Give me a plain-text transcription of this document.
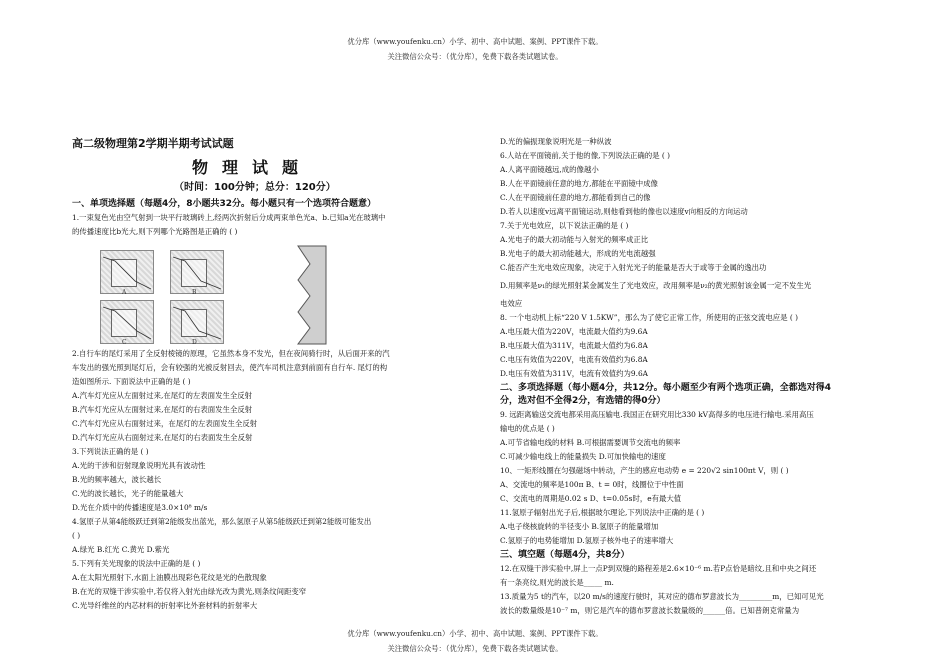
优分库（www.youfenku.cn）小学、初中、高中试题、案例、PPT课件下载。
关注微信公众号：（优分库），免费下载各类试题试卷。
高二级物理第2学期半期考试试题
物理试题
（时间：100分钟；总分：120分）
一、单项选择题（每题4分，8小题共32分。每小题只有一个选项符合题意）
1.一束复色光由空气射到一块平行玻璃砖上,经两次折射后分成两束单色光a、b.已知a光在玻璃中
的传播速度比b光大,则下列哪个光路图是正确的 ( )
A	B
C	D
2.自行车的尾灯采用了全反射棱镜的原理，它虽然本身不发光，但在夜间骑行时，从后面开来的汽
车发出的强光照到尾灯后，会有较强的光被反射回去，使汽车司机注意到前面有自行车. 尾灯的构
造如图所示. 下面说法中正确的是 ( )
A.汽车灯光应从左面射过来,在尾灯的左表面发生全反射
B.汽车灯光应从左面射过来,在尾灯的右表面发生全反射
C.汽车灯光应从右面射过来，在尾灯的左表面发生全反射
D.汽车灯光应从右面射过来,在尾灯的右表面发生全反射
3.下列说法正确的是 ( )
A.光的干涉和衍射现象说明光具有波动性
B.光的频率越大，波长越长
C.光的波长越长，光子的能量越大
D.光在介质中的传播速度是3.0×10⁸ m/s
4.氢原子从第4能级跃迁到第2能级发出蓝光，那么氢原子从第5能级跃迁到第2能级可能发出
( )
A.绿光 B.红光 C.黄光 D.紫光
5.下列有关光现象的说法中正确的是 ( )
A.在太阳光照射下,水面上油膜出现彩色花纹是光的色散现象
B.在光的双缝干涉实验中,若仅将入射光由绿光改为黄光,则条纹间距变窄
C.光导纤维丝的内芯材料的折射率比外套材料的折射率大
D.光的偏振现象说明光是一种纵波
6.人站在平面镜前,关于他的像,下列说法正确的是 ( )
A.人离平面镜越远,成的像越小
B.人在平面镜前任意的地方,都能在平面镜中成像
C.人在平面镜前任意的地方,都能看到自己的像
D.若人以速度v远离平面镜运动,则他看到他的像也以速度v向相反的方向运动
7.关于光电效应，以下说法正确的是 ( )
A.光电子的最大初动能与入射光的频率成正比
B.光电子的最大初动能越大，形成的光电流越强
C.能否产生光电效应现象，决定于入射光光子的能量是否大于或等于金属的逸出功
D.用频率是ν₁的绿光照射某金属发生了光电效应，改用频率是ν₂的黄光照射该金属一定不发生光
电效应
8. 一个电动机上标“220 V 1.5KW”，那么为了使它正常工作，所使用的正弦交流电应是 ( )
A.电压最大值为220V，电流最大值约为9.6A
B.电压最大值为311V，电流最大值约为6.8A
C.电压有效值为220V，电流有效值约为6.8A
D.电压有效值为311V，电流有效值约为9.6A
二、多项选择题（每小题4分，共12分。每小题至少有两个选项正确，全都选对得4
分，选对但不全得2分，有选错的得0分）
9. 远距离输送交流电都采用高压输电.我国正在研究用比330 kV高得多的电压进行输电.采用高压
输电的优点是 ( )
A.可节省输电线的材料 B.可根据需要调节交流电的频率
C.可减少输电线上的能量损失 D.可加快输电的速度
10、一矩形线圈在匀强磁场中转动，产生的感应电动势 e = 220√2 sin100πt V，则 ( )
A、交流电的频率是100π B、t = 0时，线圈位于中性面
C、交流电的周期是0.02 s D、t=0.05s时，e有最大值
11.氢原子辐射出光子后,根据玻尔理论,下列说法中正确的是 ( )
A.电子绕核旋转的半径变小 B.氢原子的能量增加
C.氢原子的电势能增加 D.氢原子核外电子的速率增大
三、填空题（每题4分，共8分）
12.在双缝干涉实验中,屏上一点P到双缝的路程差是2.6×10⁻⁶ m.若P点恰是暗纹,且和中央之间还
有一条亮纹,则光的波长是_____ m.
13.质量为5 t的汽车，以20 m/s的速度行驶时，其对应的德布罗意波长为_________m，已知可见光
波长的数量级是10⁻⁷ m，则它是汽车的德布罗意波长数量级的______倍。已知普朗克常量为
优分库（www.youfenku.cn）小学、初中、高中试题、案例、PPT课件下载。
关注微信公众号：（优分库），免费下载各类试题试卷。
